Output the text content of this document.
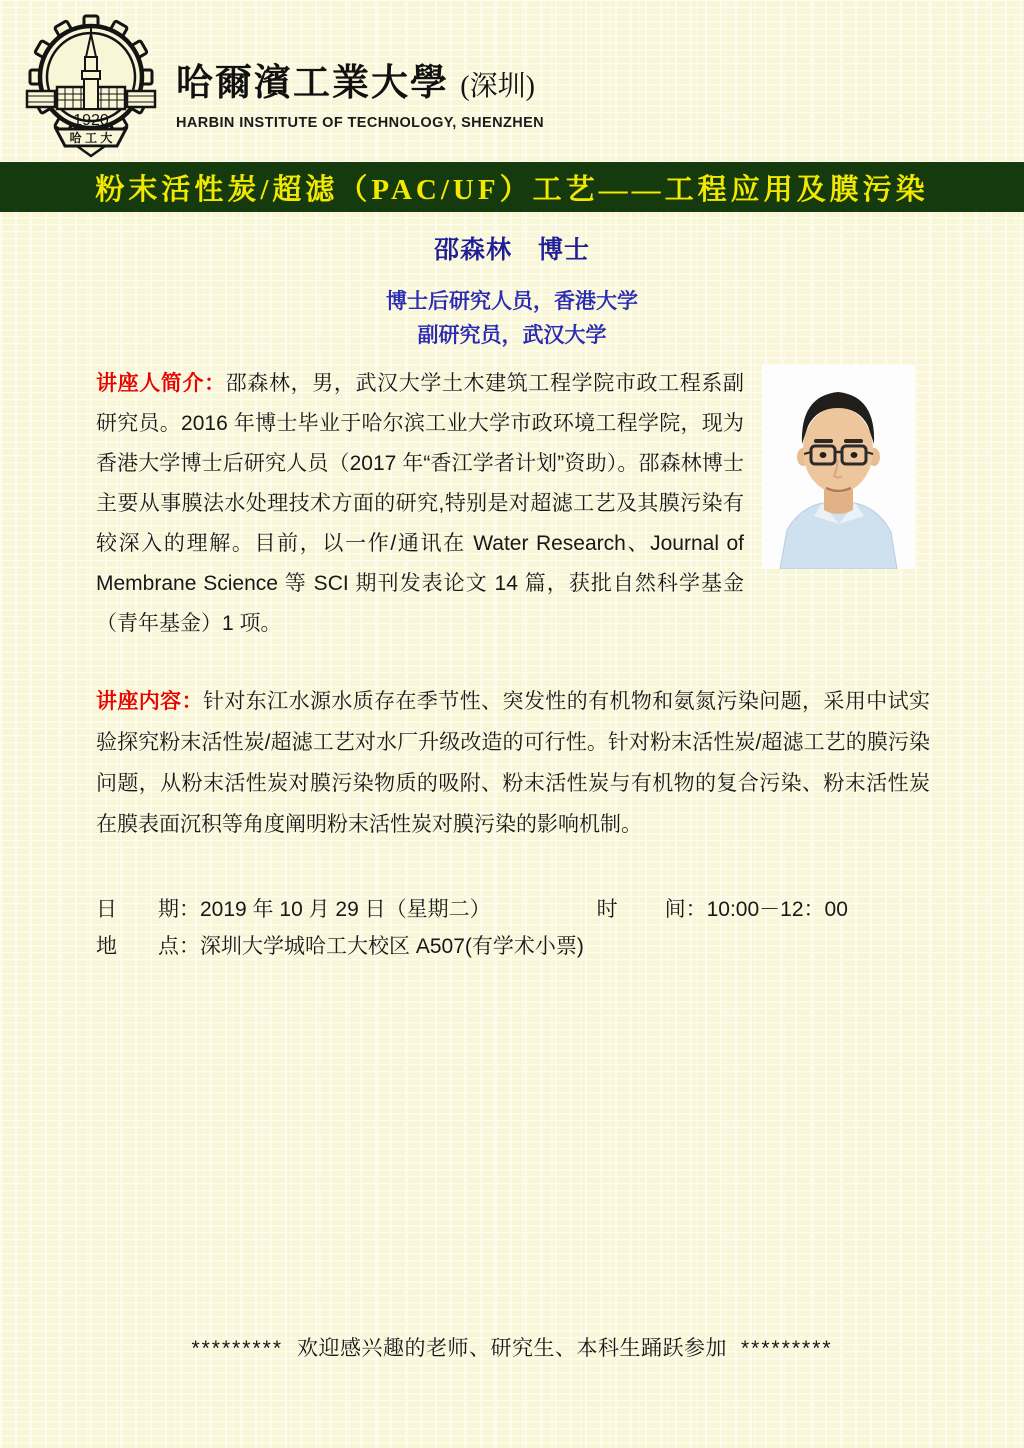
1920
哈 工 大
哈爾濱工業大學 (深圳)
HARBIN INSTITUTE OF TECHNOLOGY, SHENZHEN
粉末活性炭/超滤（PAC/UF）工艺——工程应用及膜污染
邵森林　博士
博士后研究人员，香港大学
副研究员，武汉大学

讲座人简介：邵森林，男，武汉大学土木建筑工程学院市政工程系副研究员。2016 年博士毕业于哈尔滨工业大学市政环境工程学院，现为香港大学博士后研究人员（2017 年“香江学者计划”资助）。邵森林博士主要从事膜法水处理技术方面的研究,特别是对超滤工艺及其膜污染有较深入的理解。目前，以一作/通讯在 Water Research、Journal of Membrane Science 等 SCI 期刊发表论文 14 篇，获批自然科学基金（青年基金）1 项。

讲座内容：针对东江水源水质存在季节性、突发性的有机物和氨氮污染问题，采用中试实验探究粉末活性炭/超滤工艺对水厂升级改造的可行性。针对粉末活性炭/超滤工艺的膜污染问题，从粉末活性炭对膜污染物质的吸附、粉末活性炭与有机物的复合污染、粉末活性炭在膜表面沉积等角度阐明粉末活性炭对膜污染的影响机制。

日 期：2019 年 10 月 29 日（星期二）	时 间：10:00－12：00
地 点：深圳大学城哈工大校区 A507(有学术小票)
********* 欢迎感兴趣的老师、研究生、本科生踊跃参加 *********
